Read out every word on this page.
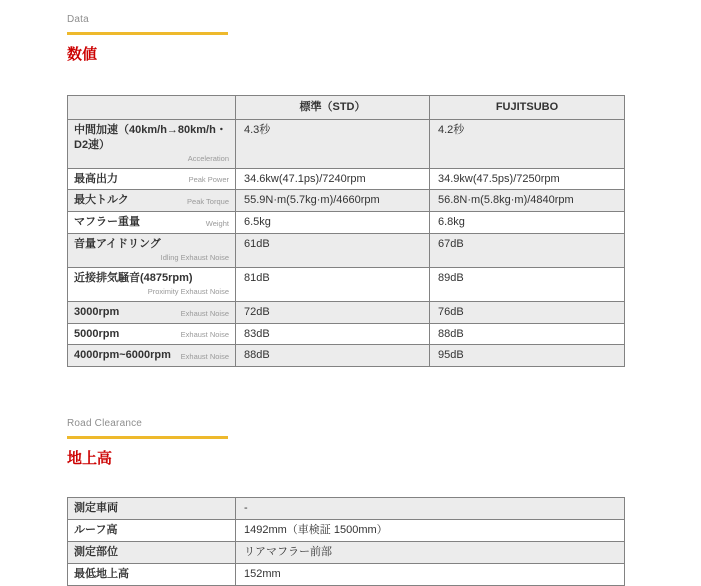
Data
数値
	標準（STD）	FUJITSUBO

中間加速（40km/h→80km/h・D2速）
Acceleration	4.3秒	4.2秒

最高出力 Peak Power	34.6kw(47.1ps)/7240rpm	34.9kw(47.5ps)/7250rpm

最大トルク Peak Torque	55.9N·m(5.7kg·m)/4660rpm	56.8N·m(5.8kg·m)/4840rpm

マフラー重量 Weight	6.5kg	6.8kg

音量アイドリング
Idling Exhaust Noise	61dB	67dB

近接排気騒音(4875rpm)
Proximity Exhaust Noise	81dB	89dB

3000rpm Exhaust Noise	72dB	76dB

5000rpm Exhaust Noise	83dB	88dB

4000rpm~6000rpm Exhaust Noise	88dB	95dB
Road Clearance
地上高
測定車両	-
ルーフ高	1492mm（車検証 1500mm）
測定部位	リアマフラー前部
最低地上高	152mm
